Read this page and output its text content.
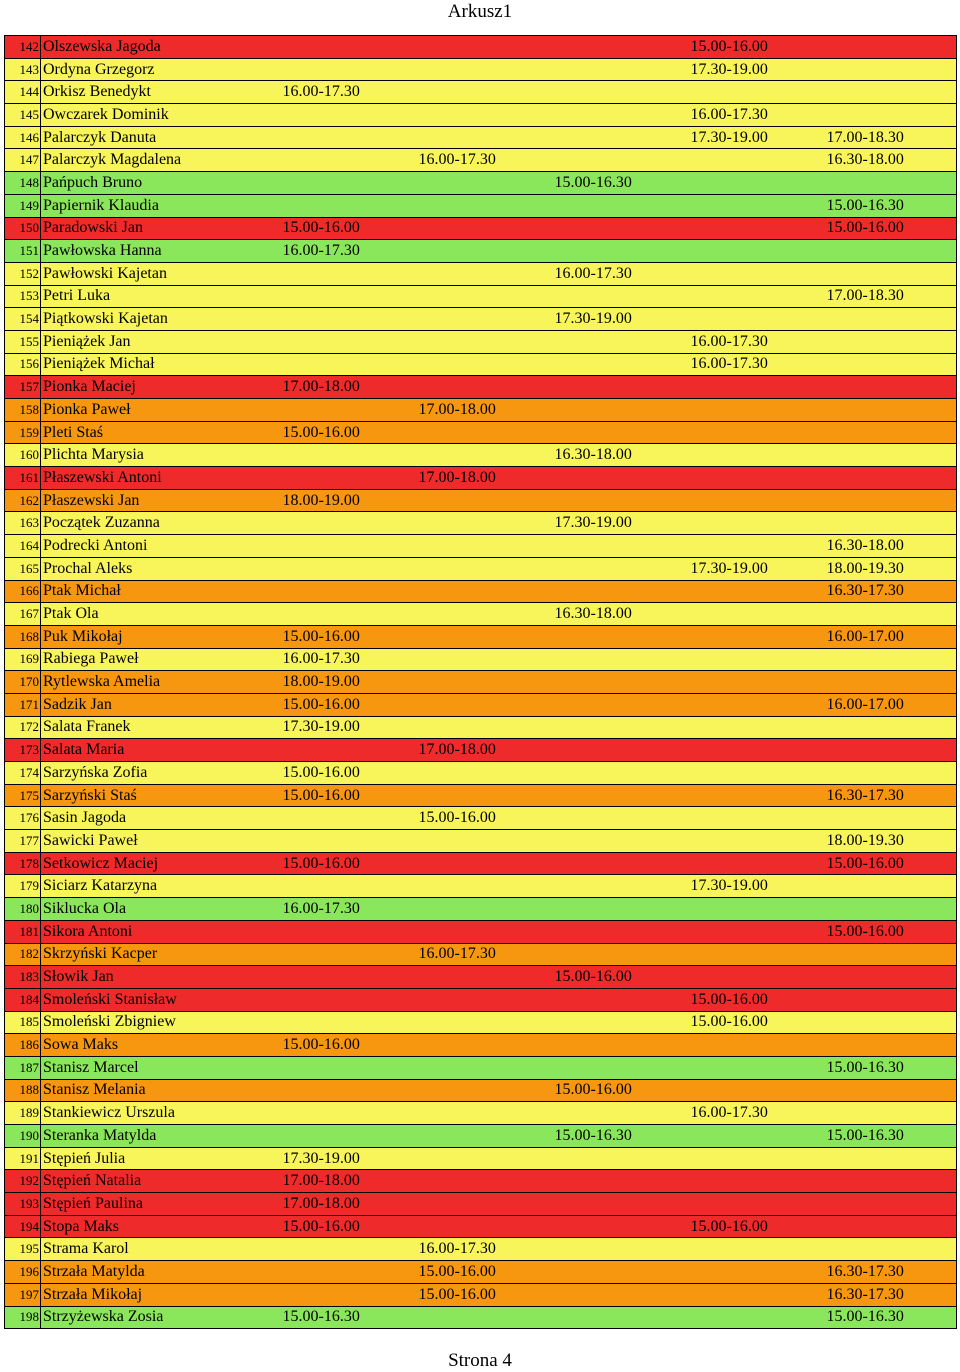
Arkusz1
142	Olszewska Jagoda				15.00-16.00	
143	Ordyna Grzegorz				17.30-19.00	
144	Orkisz Benedykt	16.00-17.30				
145	Owczarek Dominik				16.00-17.30	
146	Palarczyk Danuta				17.30-19.00	17.00-18.30
147	Palarczyk Magdalena		16.00-17.30			16.30-18.00
148	Pańpuch Bruno			15.00-16.30		
149	Papiernik Klaudia					15.00-16.30
150	Paradowski Jan	15.00-16.00				15.00-16.00
151	Pawłowska Hanna	16.00-17.30				
152	Pawłowski Kajetan			16.00-17.30		
153	Petri Luka					17.00-18.30
154	Piątkowski Kajetan			17.30-19.00		
155	Pieniążek Jan				16.00-17.30	
156	Pieniążek Michał				16.00-17.30	
157	Pionka Maciej	17.00-18.00				
158	Pionka Paweł		17.00-18.00			
159	Pleti Staś	15.00-16.00				
160	Plichta Marysia			16.30-18.00		
161	Płaszewski Antoni		17.00-18.00			
162	Płaszewski Jan	18.00-19.00				
163	Początek Zuzanna			17.30-19.00		
164	Podrecki Antoni					16.30-18.00
165	Prochal Aleks				17.30-19.00	18.00-19.30
166	Ptak Michał					16.30-17.30
167	Ptak Ola			16.30-18.00		
168	Puk Mikołaj	15.00-16.00				16.00-17.00
169	Rabiega Paweł	16.00-17.30				
170	Rytlewska Amelia	18.00-19.00				
171	Sadzik Jan	15.00-16.00				16.00-17.00
172	Salata Franek	17.30-19.00				
173	Salata Maria		17.00-18.00			
174	Sarzyńska Zofia	15.00-16.00				
175	Sarzyński Staś	15.00-16.00				16.30-17.30
176	Sasin Jagoda		15.00-16.00			
177	Sawicki Paweł					18.00-19.30
178	Setkowicz Maciej	15.00-16.00				15.00-16.00
179	Siciarz Katarzyna				17.30-19.00	
180	Siklucka Ola	16.00-17.30				
181	Sikora Antoni					15.00-16.00
182	Skrzyński Kacper		16.00-17.30			
183	Słowik Jan			15.00-16.00		
184	Smoleński Stanisław				15.00-16.00	
185	Smoleński Zbigniew				15.00-16.00	
186	Sowa Maks	15.00-16.00				
187	Stanisz Marcel					15.00-16.30
188	Stanisz Melania			15.00-16.00		
189	Stankiewicz Urszula				16.00-17.30	
190	Steranka Matylda			15.00-16.30		15.00-16.30
191	Stępień Julia	17.30-19.00				
192	Stępień Natalia	17.00-18.00				
193	Stępień Paulina	17.00-18.00				
194	Stopa Maks	15.00-16.00			15.00-16.00	
195	Strama Karol		16.00-17.30			
196	Strzała Matylda		15.00-16.00			16.30-17.30
197	Strzała Mikołaj		15.00-16.00			16.30-17.30
198	Strzyżewska Zosia	15.00-16.30				15.00-16.30
Strona 4
